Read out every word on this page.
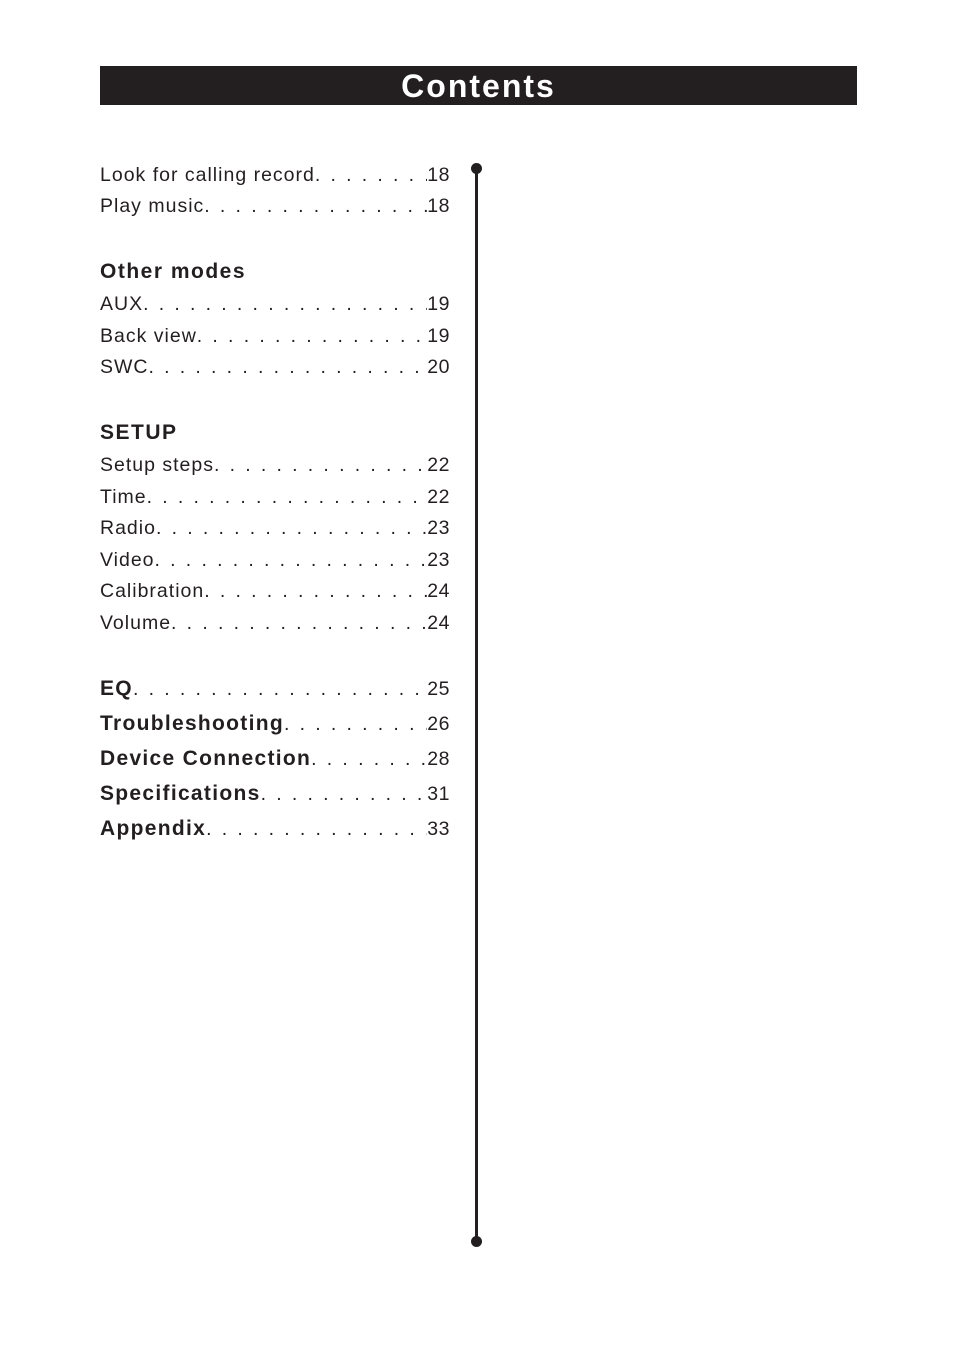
Contents
Look for calling record . . .	18
Play music . . .	18
Other modes
AUX . . .	19
Back view . . .	19
SWC . . .	20
SETUP
Setup steps . . .	22
Time . . .	22
Radio . . .	23
Video . . .	23
Calibration . . .	24
Volume . . .	24
EQ . . .	25
Troubleshooting . . .	26
Device Connection . . .	28
Specifications . . .	31
Appendix . . .	33
